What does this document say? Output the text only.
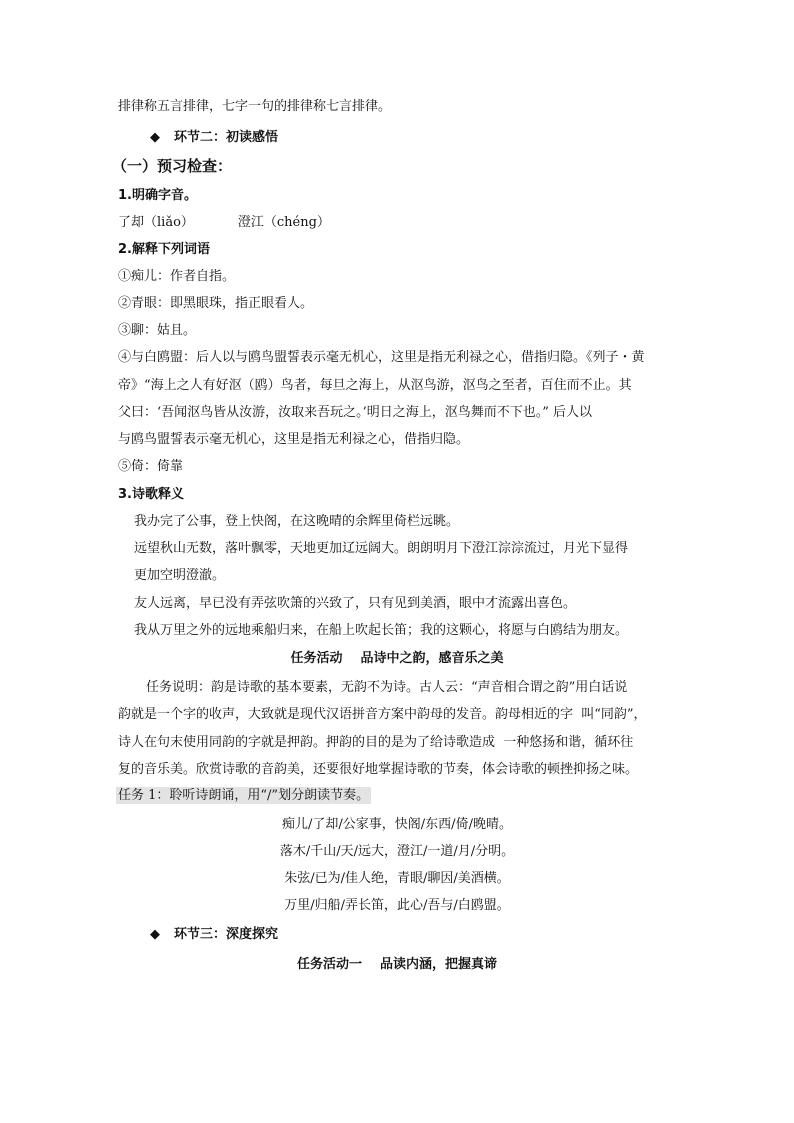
排律称五言排律，七字一句的排律称七言排律。
◆ 环节二：初读感悟
（一）预习检查：
1.明确字音。
了却（liǎo）	澄江（chéng）
2.解释下列词语
①痴儿：作者自指。
②青眼：即黑眼珠，指正眼看人。
③聊：姑且。
④与白鸥盟：后人以与鸥鸟盟誓表示毫无机心，这里是指无利禄之心，借指归隐。《列子・黄
帝》“海上之人有好沤（鸥）鸟者，每旦之海上，从沤鸟游，沤鸟之至者，百住而不止。其
父曰：‘吾闻沤鸟皆从汝游，汝取来吾玩之。’明日之海上，沤鸟舞而不下也。” 后人以
与鸥鸟盟誓表示毫无机心，这里是指无利禄之心，借指归隐。
⑤倚：倚靠
3.诗歌释义
我办完了公事，登上快阁，在这晚晴的余辉里倚栏远眺。
远望秋山无数，落叶飘零，天地更加辽远阔大。朗朗明月下澄江淙淙流过，月光下显得
更加空明澄澈。
友人远离，早已没有弄弦吹箫的兴致了，只有见到美酒，眼中才流露出喜色。
我从万里之外的远地乘船归来，在船上吹起长笛；我的这颗心，将愿与白鸥结为朋友。
任务活动    品诗中之韵，感音乐之美
任务说明：韵是诗歌的基本要素，无韵不为诗。古人云：“声音相合谓之韵”用白话说
韵就是一个字的收声，大致就是现代汉语拼音方案中韵母的发音。韵母相近的字  叫“同韵”，
诗人在句末使用同韵的字就是押韵。押韵的目的是为了给诗歌造成  一种悠扬和谐，循环往
复的音乐美。欣赏诗歌的音韵美，还要很好地掌握诗歌的节奏，体会诗歌的顿挫抑扬之味。
任务 1：聆听诗朗诵，用“/”划分朗读节奏。
痴儿/了却/公家事，快阁/东西/倚/晚晴。
落木/千山/天/远大，澄江/一道/月/分明。
朱弦/已为/佳人绝，青眼/聊因/美酒横。
万里/归船/弄长笛，此心/吾与/白鸥盟。
◆ 环节三：深度探究
任务活动一    品读内涵，把握真谛
